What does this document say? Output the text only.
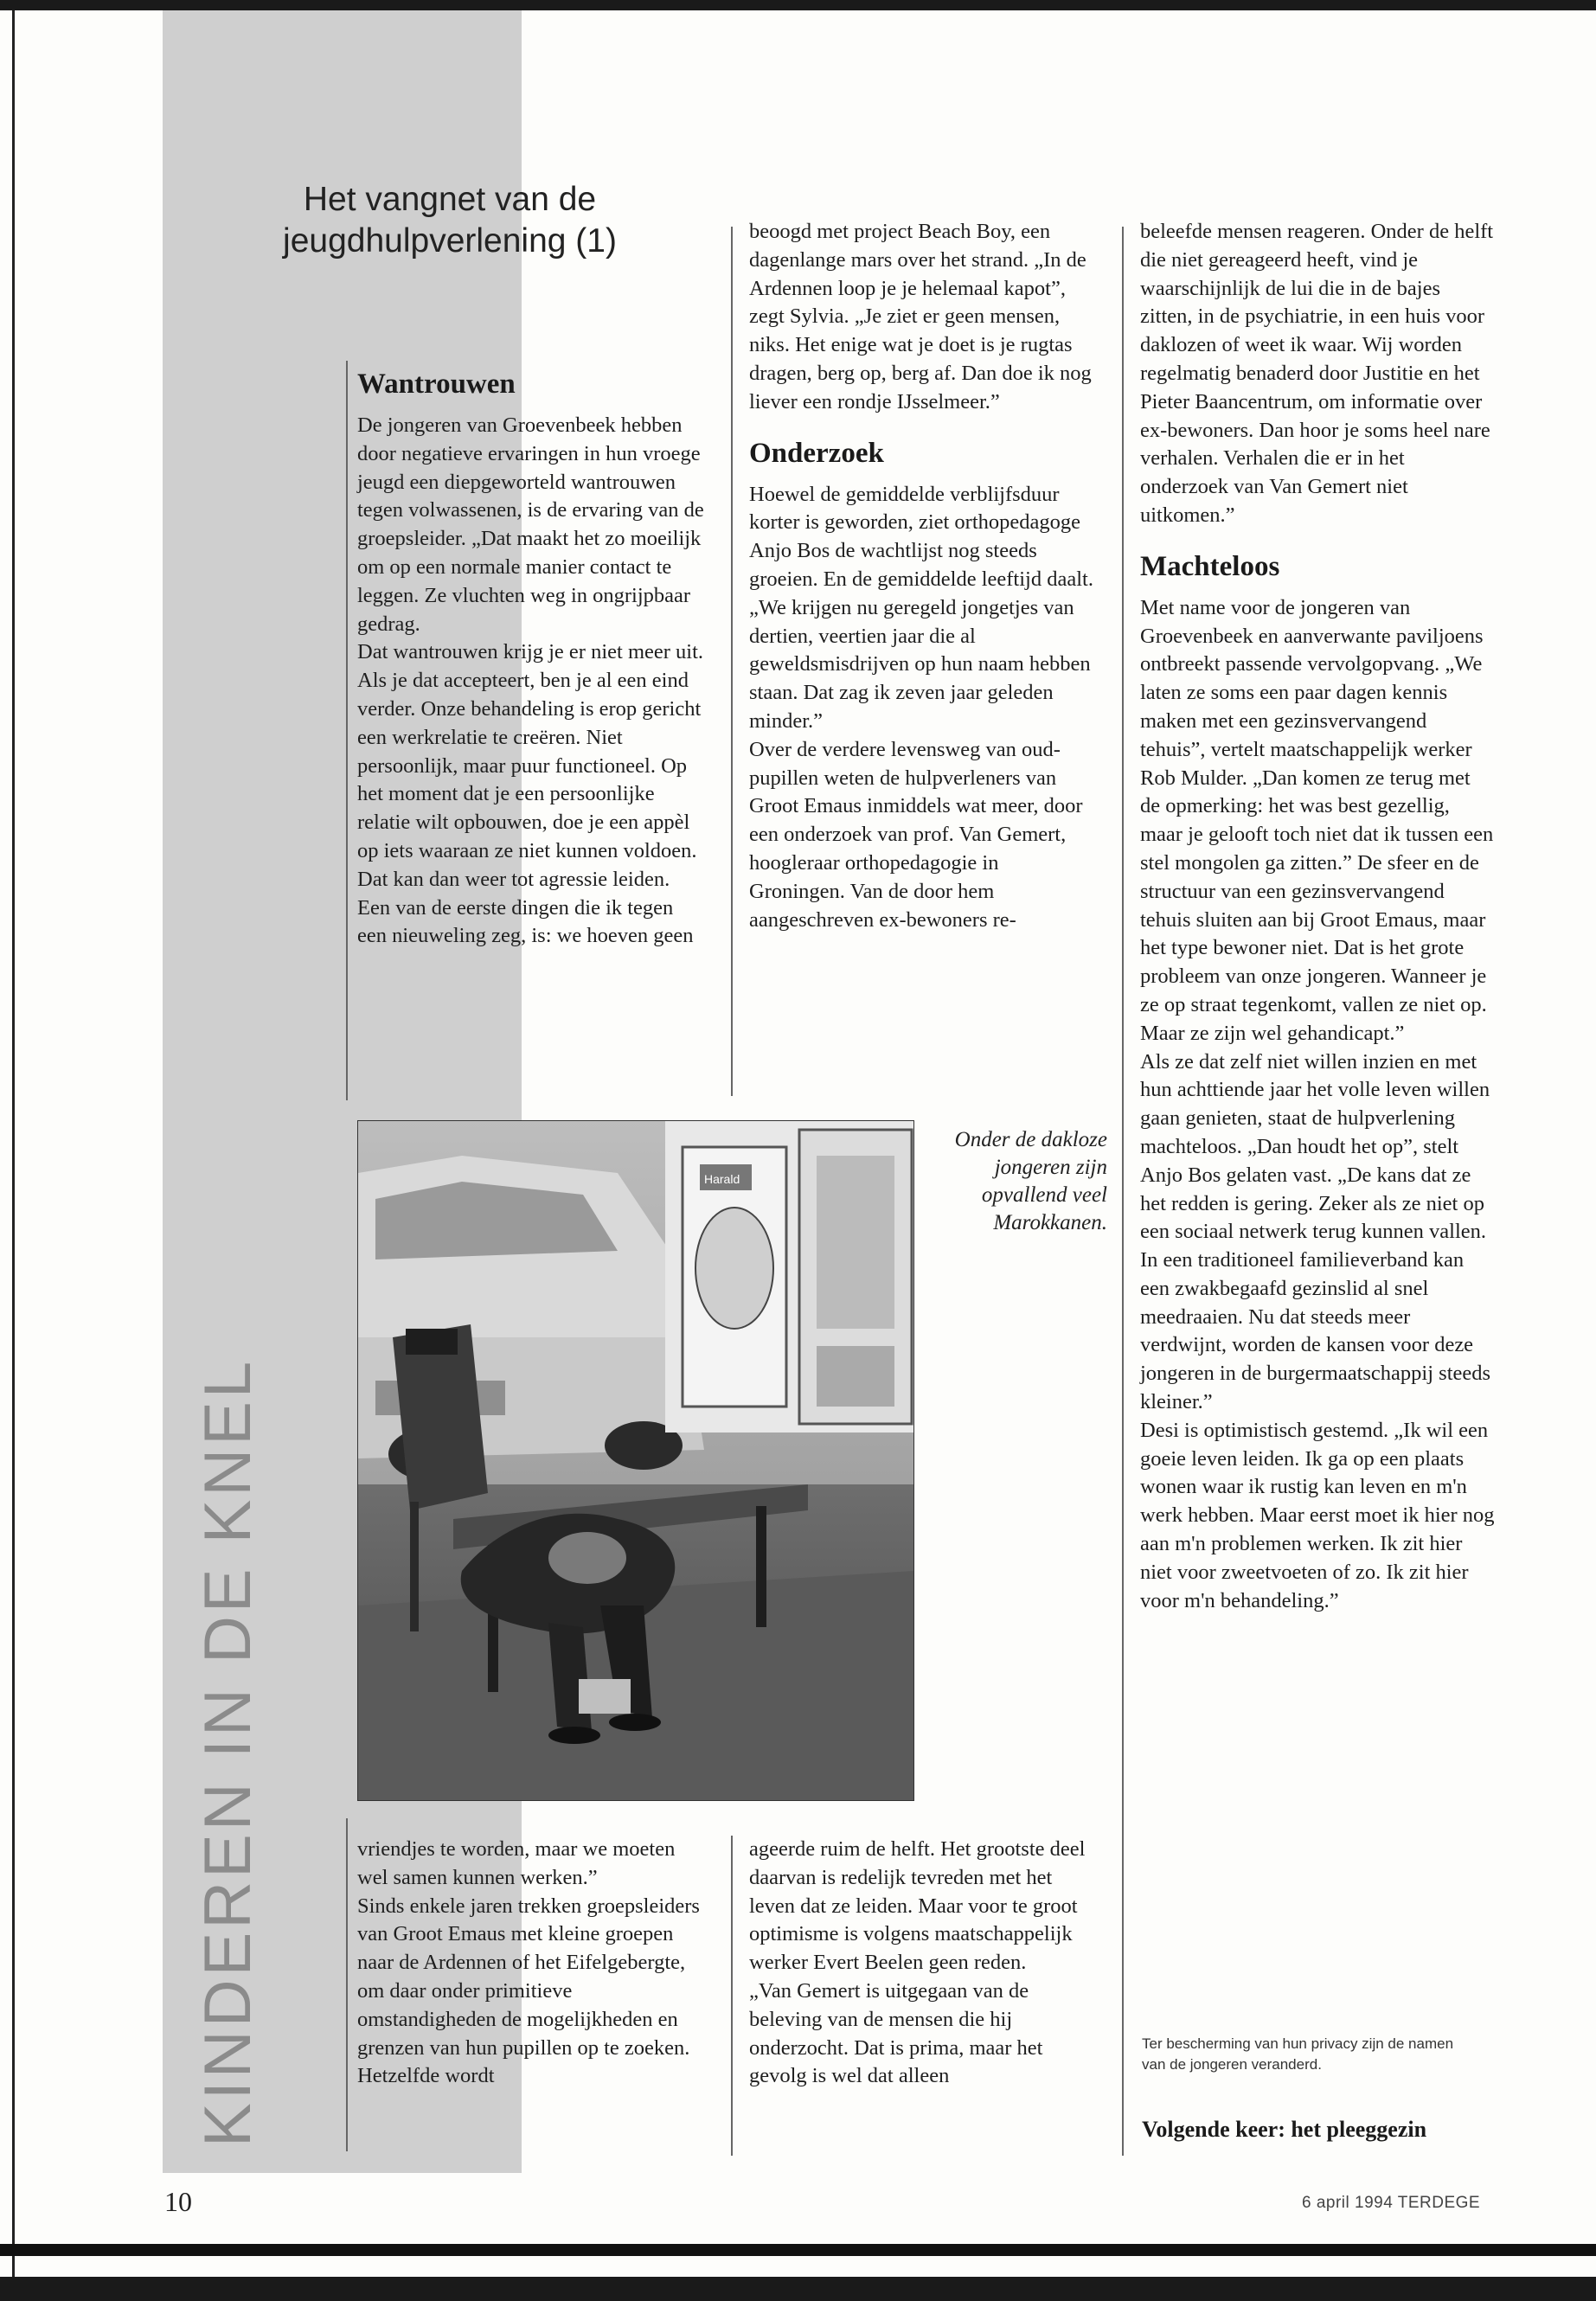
Het vangnet van de jeugdhulpverlening (1)
KINDEREN IN DE KNEL
Wantrouwen

De jongeren van Groevenbeek hebben door negatieve ervaringen in hun vroege jeugd een diepgeworteld wantrouwen tegen volwassenen, is de ervaring van de groepsleider. „Dat maakt het zo moeilijk om op een normale manier contact te leggen. Ze vluchten weg in ongrijpbaar gedrag.

Dat wantrouwen krijg je er niet meer uit. Als je dat accepteert, ben je al een eind verder. Onze behandeling is erop gericht een werkrelatie te creëren. Niet persoonlijk, maar puur functioneel. Op het moment dat je een persoonlijke relatie wilt opbouwen, doe je een appèl op iets waaraan ze niet kunnen voldoen. Dat kan dan weer tot agressie leiden. Een van de eerste dingen die ik tegen een nieuweling zeg, is: we hoeven geen

beoogd met project Beach Boy, een dagenlange mars over het strand. „In de Ardennen loop je je helemaal kapot”, zegt Sylvia. „Je ziet er geen mensen, niks. Het enige wat je doet is je rugtas dragen, berg op, berg af. Dan doe ik nog liever een rondje IJsselmeer.”

Onderzoek

Hoewel de gemiddelde verblijfsduur korter is geworden, ziet orthopedagoge Anjo Bos de wachtlijst nog steeds groeien. En de gemiddelde leeftijd daalt. „We krijgen nu geregeld jongetjes van dertien, veertien jaar die al geweldsmisdrijven op hun naam hebben staan. Dat zag ik zeven jaar geleden minder.”

Over de verdere levensweg van oud-pupillen weten de hulpverleners van Groot Emaus inmiddels wat meer, door een onderzoek van prof. Van Gemert, hoogleraar orthopedagogie in Groningen. Van de door hem aangeschreven ex-bewoners re-

beleefde mensen reageren. Onder de helft die niet gereageerd heeft, vind je waarschijnlijk de lui die in de bajes zitten, in de psychiatrie, in een huis voor daklozen of weet ik waar. Wij worden regelmatig benaderd door Justitie en het Pieter Baancentrum, om informatie over ex-bewoners. Dan hoor je soms heel nare verhalen. Verhalen die er in het onderzoek van Van Gemert niet uitkomen.”

Machteloos

Met name voor de jongeren van Groevenbeek en aanverwante paviljoens ontbreekt passende vervolgopvang. „We laten ze soms een paar dagen kennis maken met een gezinsvervangend tehuis”, vertelt maatschappelijk werker Rob Mulder. „Dan komen ze terug met de opmerking: het was best gezellig, maar je gelooft toch niet dat ik tussen een stel mongolen ga zitten.” De sfeer en de structuur van een gezinsvervangend tehuis sluiten aan bij Groot Emaus, maar het type bewoner niet. Dat is het grote probleem van onze jongeren. Wanneer je ze op straat tegenkomt, vallen ze niet op. Maar ze zijn wel gehandicapt.”

Als ze dat zelf niet willen inzien en met hun achttiende jaar het volle leven willen gaan genieten, staat de hulpverlening machteloos. „Dan houdt het op”, stelt Anjo Bos gelaten vast. „De kans dat ze het redden is gering. Zeker als ze niet op een sociaal netwerk terug kunnen vallen. In een traditioneel familieverband kan een zwakbegaafd gezinslid al snel meedraaien. Nu dat steeds meer verdwijnt, worden de kansen voor deze jongeren in de burgermaatschappij steeds kleiner.”

Desi is optimistisch gestemd. „Ik wil een goeie leven leiden. Ik ga op een plaats wonen waar ik rustig kan leven en m'n werk hebben. Maar eerst moet ik hier nog aan m'n problemen werken. Ik zit hier niet voor zweetvoeten of zo. Ik zit hier voor m'n behandeling.”

Ter bescherming van hun privacy zijn de namen van de jongeren veranderd.

Volgende keer: het pleeggezin

Harald
Onder de dakloze jongeren zijn opvallend veel Marokkanen.

vriendjes te worden, maar we moeten wel samen kunnen werken.”

Sinds enkele jaren trekken groepsleiders van Groot Emaus met kleine groepen naar de Ardennen of het Eifelgebergte, om daar onder primitieve omstandigheden de mogelijkheden en grenzen van hun pupillen op te zoeken. Hetzelfde wordt

ageerde ruim de helft. Het grootste deel daarvan is redelijk tevreden met het leven dat ze leiden. Maar voor te groot optimisme is volgens maatschappelijk werker Evert Beelen geen reden.

„Van Gemert is uitgegaan van de beleving van de mensen die hij onderzocht. Dat is prima, maar het gevolg is wel dat alleen

10	6 april 1994 TERDEGE
